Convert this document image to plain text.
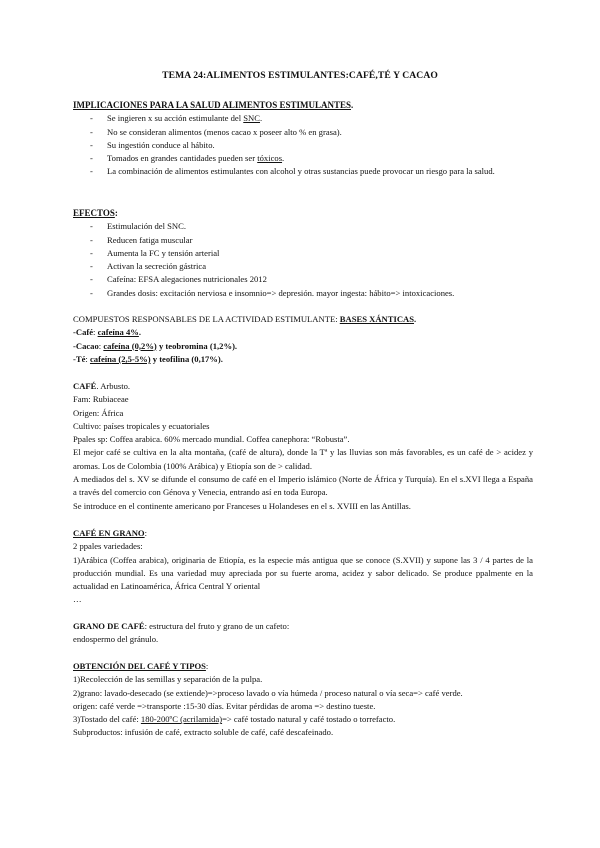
TEMA 24:ALIMENTOS ESTIMULANTES:CAFÉ,TÉ Y CACAO
IMPLICACIONES PARA LA SALUD ALIMENTOS ESTIMULANTES.
- Se ingieren x su acción estimulante del SNC.
- No se consideran alimentos (menos cacao x poseer alto % en grasa).
- Su ingestión conduce al hábito.
- Tomados en grandes cantidades pueden ser tóxicos.
- La combinación de alimentos estimulantes con alcohol y otras sustancias puede provocar un riesgo para la salud.
EFECTOS:
- Estimulación del SNC.
- Reducen fatiga muscular
- Aumenta la FC y tensión arterial
- Activan la secreción gástrica
- Cafeína: EFSA alegaciones nutricionales 2012
- Grandes dosis: excitación nerviosa e insomnio=> depresión. mayor ingesta: hábito=> intoxicaciones.
COMPUESTOS RESPONSABLES DE LA ACTIVIDAD ESTIMULANTE: BASES XÁNTICAS.
-Café: cafeína 4%.
-Cacao: cafeína (0,2%) y teobromina (1,2%).
-Té: cafeína (2,5-5%) y teofilina (0,17%).
CAFÉ. Arbusto.

Fam: Rubiaceae

Origen: África

Cultivo: países tropicales y ecuatoriales

Ppales sp: Coffea arabica. 60% mercado mundial. Coffea canephora: “Robusta”.

El mejor café se cultiva en la alta montaña, (café de altura), donde la Tª y las lluvias son más favorables, es un café de > acidez y aromas. Los de Colombia (100% Arábica) y Etiopía son de > calidad.

A mediados del s. XV se difunde el consumo de café en el Imperio islámico (Norte de África y Turquía). En el s.XVI llega a España a través del comercio con Génova y Venecia, entrando así en toda Europa.

Se introduce en el continente americano por Franceses u Holandeses en el s. XVIII en las Antillas.

CAFÉ EN GRANO:

2 ppales variedades:

1)Arábica (Coffea arabica), originaria de Etiopía, es la especie más antigua que se conoce (S.XVII) y supone las 3 / 4 partes de la producción mundial. Es una variedad muy apreciada por su fuerte aroma, acidez y sabor delicado. Se produce ppalmente en la actualidad en Latinoamérica, África Central Y oriental

…

GRANO DE CAFÉ: estructura del fruto y grano de un cafeto:

endospermo del gránulo.

OBTENCIÓN DEL CAFÉ Y TIPOS:

1)Recolección de las semillas y separación de la pulpa.

2)grano: lavado-desecado (se extiende)=>proceso lavado o vía húmeda / proceso natural o vía seca=> café verde.

origen: café verde =>transporte :15-30 días. Evitar pérdidas de aroma => destino tueste.

3)Tostado del café: 180-200ºC (acrilamida)=> café tostado natural y café tostado o torrefacto.

Subproductos: infusión de café, extracto soluble de café, café descafeinado.
